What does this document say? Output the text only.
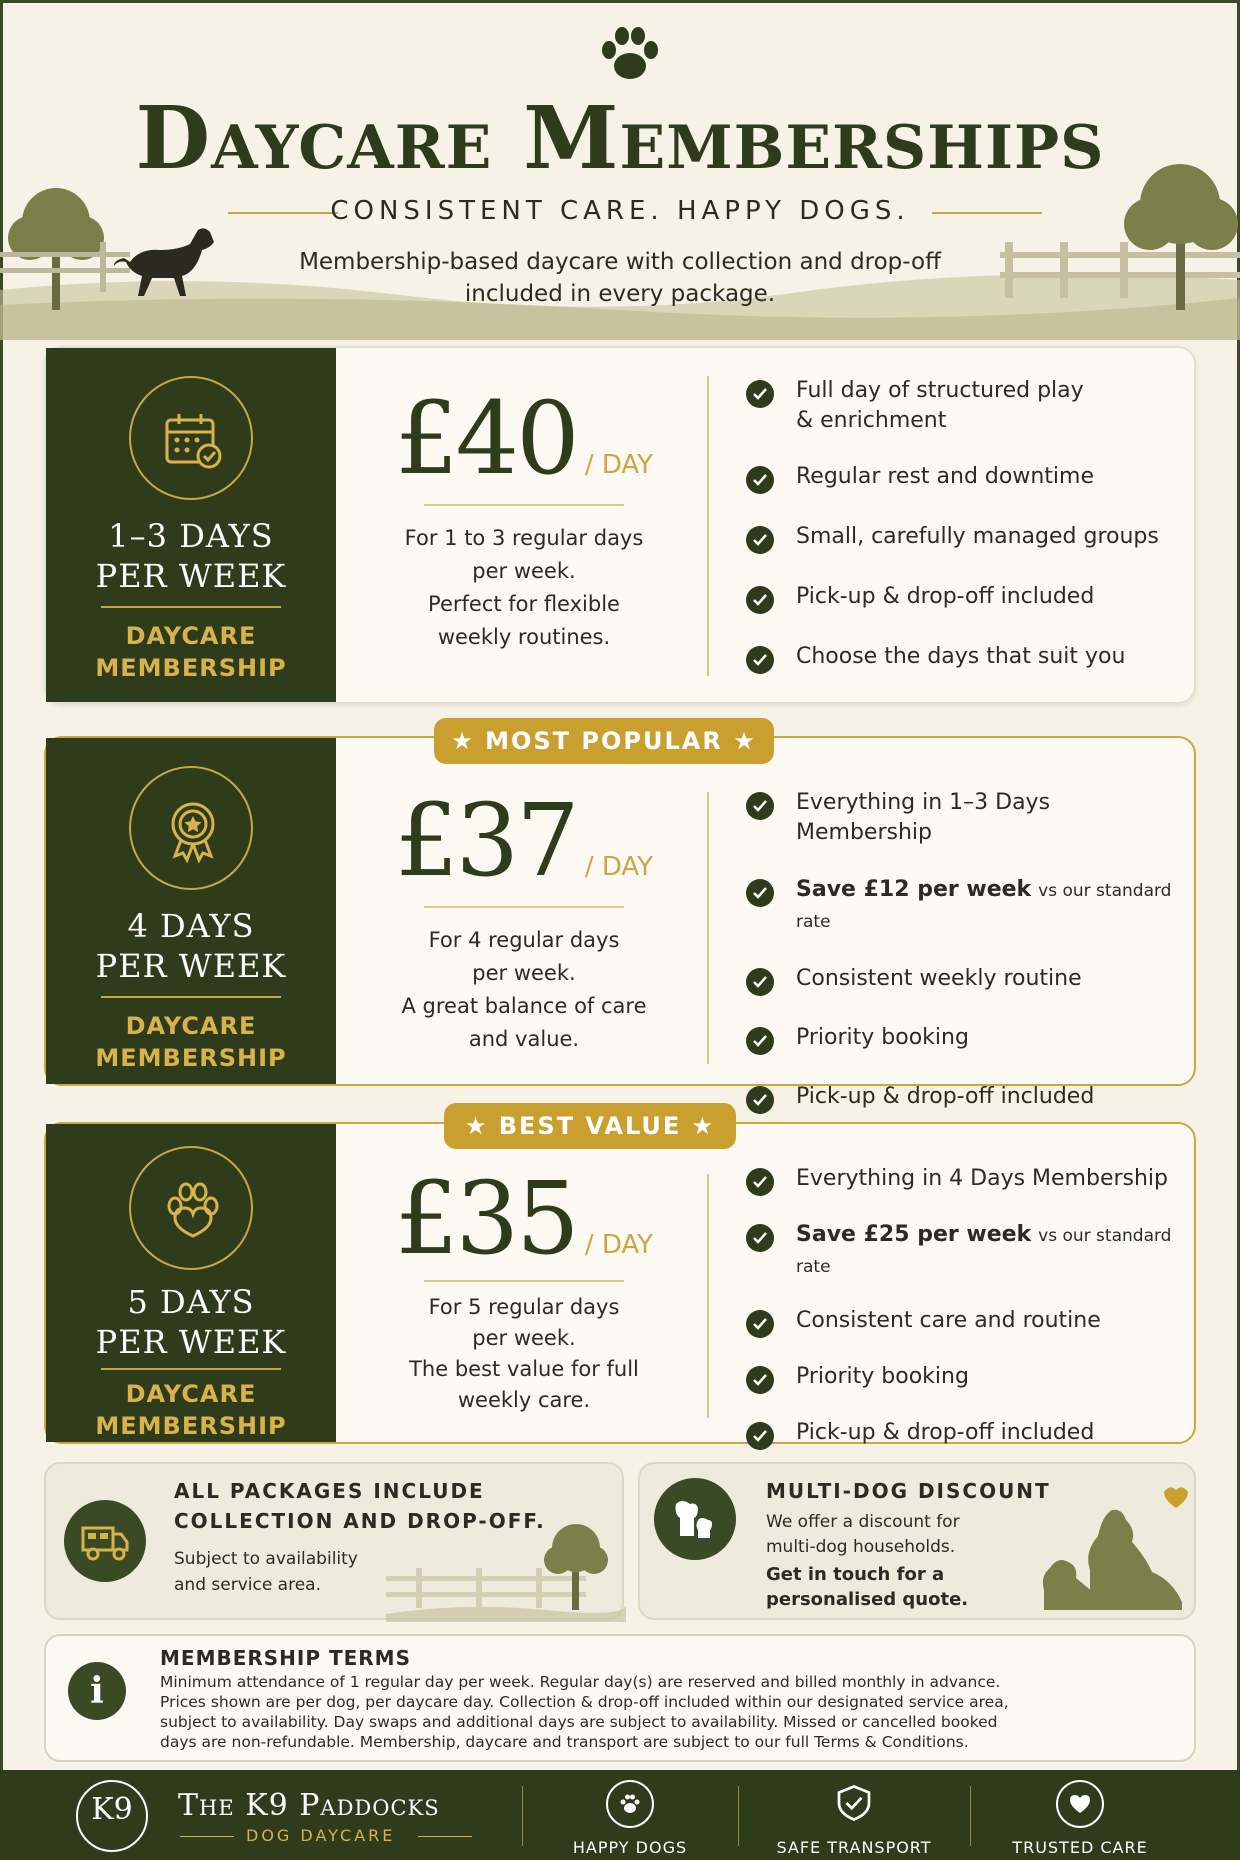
Daycare Memberships
CONSISTENT CARE. HAPPY DOGS.
Membership-based daycare with collection and drop-off included in every package.
1–3 DAYS
PER WEEK
DAYCARE
MEMBERSHIP
£40 / DAY
For 1 to 3 regular days
per week.
Perfect for flexible
weekly routines.
Full day of structured play
& enrichment
Regular rest and downtime
Small, carefully managed groups
Pick-up & drop-off included
Choose the days that suit you
4 DAYS
PER WEEK
DAYCARE
MEMBERSHIP
£37 / DAY
For 4 regular days
per week.
A great balance of care
and value.
Everything in 1–3 Days Membership
Save £12 per week vs our standard rate
Consistent weekly routine
Priority booking
Pick-up & drop-off included
★ MOST POPULAR ★
5 DAYS
PER WEEK
DAYCARE
MEMBERSHIP
£35 / DAY
For 5 regular days
per week.
The best value for full
weekly care.
Everything in 4 Days Membership
Save £25 per week vs our standard rate
Consistent care and routine
Priority booking
Pick-up & drop-off included
★ BEST VALUE ★
ALL PACKAGES INCLUDE
COLLECTION AND DROP-OFF.
Subject to availability
and service area.
MULTI-DOG DISCOUNT
We offer a discount for
multi-dog households.
Get in touch for a
personalised quote.
i
MEMBERSHIP TERMS
Minimum attendance of 1 regular day per week. Regular day(s) are reserved and billed monthly in advance.
Prices shown are per dog, per daycare day. Collection & drop-off included within our designated service area,
subject to availability. Day swaps and additional days are subject to availability. Missed or cancelled booked
days are non-refundable. Membership, daycare and transport are subject to our full Terms & Conditions.
K9	The K9 Paddocks
DOG DAYCARE
HAPPY DOGS	SAFE TRANSPORT	TRUSTED CARE
